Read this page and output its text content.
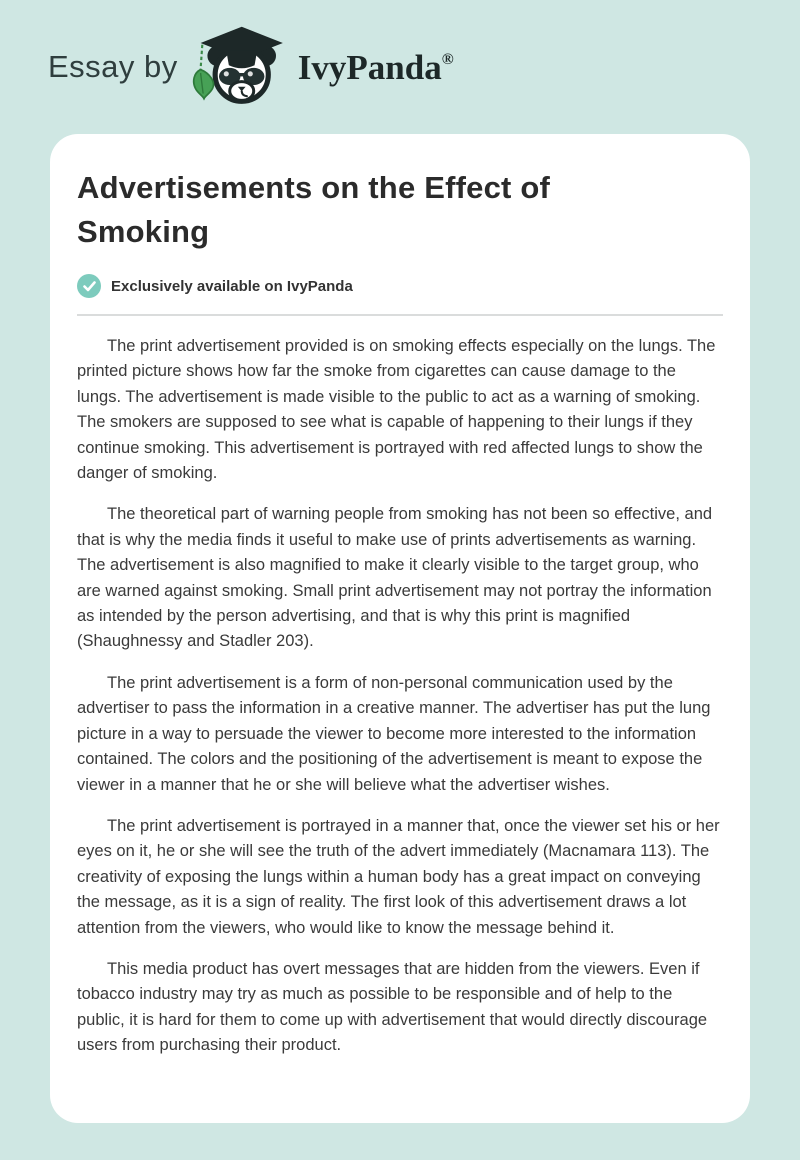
Essay by	IvyPanda ®
Advertisements on the Effect of Smoking
Exclusively available on IvyPanda

The print advertisement provided is on smoking effects especially on the lungs. The printed picture shows how far the smoke from cigarettes can cause damage to the lungs. The advertisement is made visible to the public to act as a warning of smoking. The smokers are supposed to see what is capable of happening to their lungs if they continue smoking. This advertisement is portrayed with red affected lungs to show the danger of smoking.

The theoretical part of warning people from smoking has not been so effective, and that is why the media finds it useful to make use of prints advertisements as warning. The advertisement is also magnified to make it clearly visible to the target group, who are warned against smoking. Small print advertisement may not portray the information as intended by the person advertising, and that is why this print is magnified (Shaughnessy and Stadler 203).

The print advertisement is a form of non-personal communication used by the advertiser to pass the information in a creative manner. The advertiser has put the lung picture in a way to persuade the viewer to become more interested to the information contained. The colors and the positioning of the advertisement is meant to expose the viewer in a manner that he or she will believe what the advertiser wishes.

The print advertisement is portrayed in a manner that, once the viewer set his or her eyes on it, he or she will see the truth of the advert immediately (Macnamara 113). The creativity of exposing the lungs within a human body has a great impact on conveying the message, as it is a sign of reality. The first look of this advertisement draws a lot attention from the viewers, who would like to know the message behind it.

This media product has overt messages that are hidden from the viewers. Even if tobacco industry may try as much as possible to be responsible and of help to the public, it is hard for them to come up with advertisement that would directly discourage users from purchasing their product.
